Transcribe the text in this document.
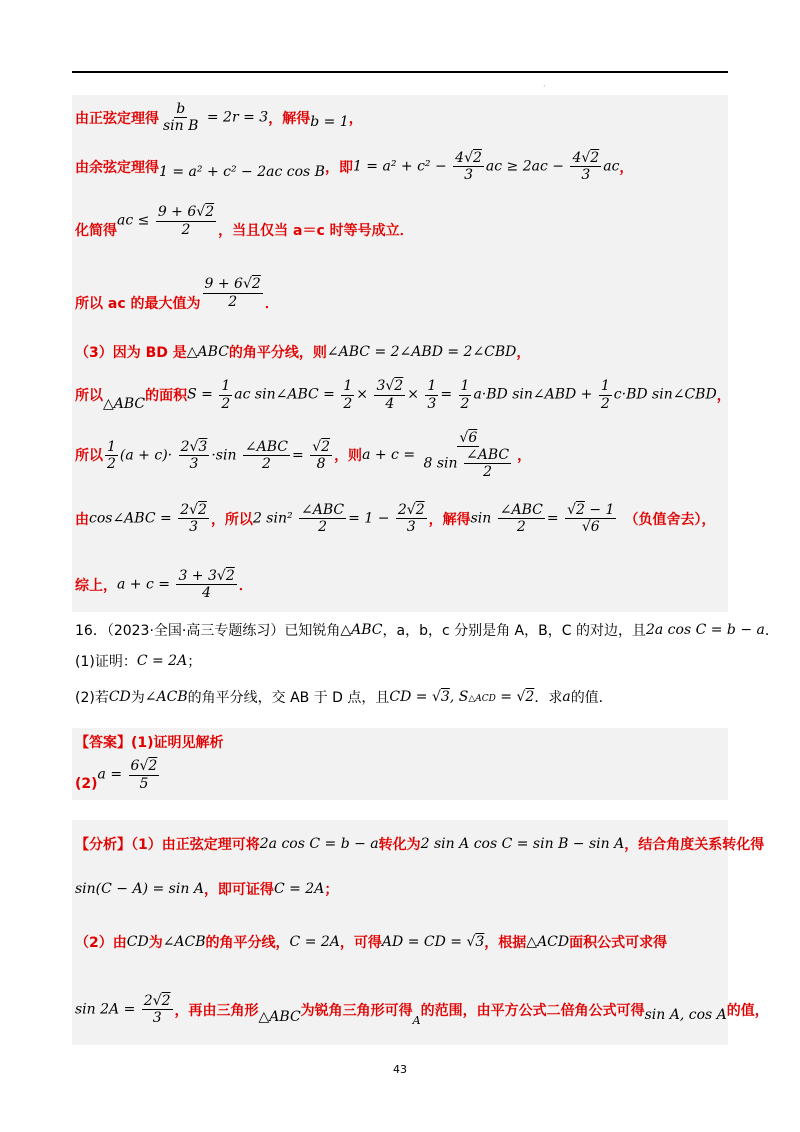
·
由正弦定理得 $\frac{b}{\text{sin B}} = 2r = 3$ ，解得 b = 1 ，
由余弦定理得 1 = a² + c² − 2ac cos B ，即 $1 = a^2 + c^2 - \frac{4√2}{3}$ ac ≥ $2ac - \frac{4√2}{3}$ ac ，
化简得
ac ≤ $\frac{9 + 6√2}{2}$ ，当且仅当 a＝c 时等号成立．
所以 ac 的最大值为 $\frac{9 + 6√2}{2}$ ．
（3）因为 BD 是 △ABC 的角平分线，则 ∠ABC = 2∠ABD = 2∠CBD ，
所以 △ABC 的面积 $S = \frac{1}{2}$ ac sin∠ABC = $\frac{1}{2} \times \frac{3√2}{4} \times \frac{1}{3} = \frac{1}{2} a\cdot BD$ sin∠ABD + $\frac{1}{2} c\cdot BD$ sin∠CBD ，
所以 $\frac{1}{2} (a + c)\cdot \frac{2√3}{3} \cdot\sin \frac{\text{∠ABC}}{2} = \frac{√2}{8}$ ，则 $a + c = \frac{√6}{8 \sin \frac{\text{∠ABC}}{2}}$ ，
由 cos∠ABC = $\frac{2√2}{3}$ ，所以 2 $\sin^2 \frac{\text{∠ABC}}{2} = 1 - \frac{2√2}{3}$ ，解得 $\sin \frac{\text{∠ABC}}{2} = \frac{√2 - 1}{√6}$ （负值舍去），
综上， $a + c = \frac{3 + 3√2}{4}$ ．
16．（2023·全国·高三专题练习）已知锐角 △ABC ，a，b，c 分别是角 A，B，C 的对边，且 2a cos C = b − a ．
(1)证明： C = 2A ；
(2)若 CD 为 ∠ACB 的角平分线，交 AB 于 D 点，且 CD = √3, S△ACD = √2 ．求 a 的值．
【答案】(1)证明见解析
(2)
$a = \frac{6√2}{5}$
【分析】（1）由正弦定理可将 2a cos C = b − a 转化为 2 sin A cos C = sin B − sin A ，结合角度关系转化得
sin(C − A) = sin A ，即可证得 C = 2A ；
（2）由 CD 为 ∠ACB 的角平分线， C = 2A ，可得 AD = CD = √3 ，根据 △ACD 面积公式可求得
$\sin 2A = \frac{2√2}{3}$ ，再由三角形 △ABC 为锐角三角形可得
A
的范围，由平方公式二倍角公式可得 sin A, cos A 的值，
43
